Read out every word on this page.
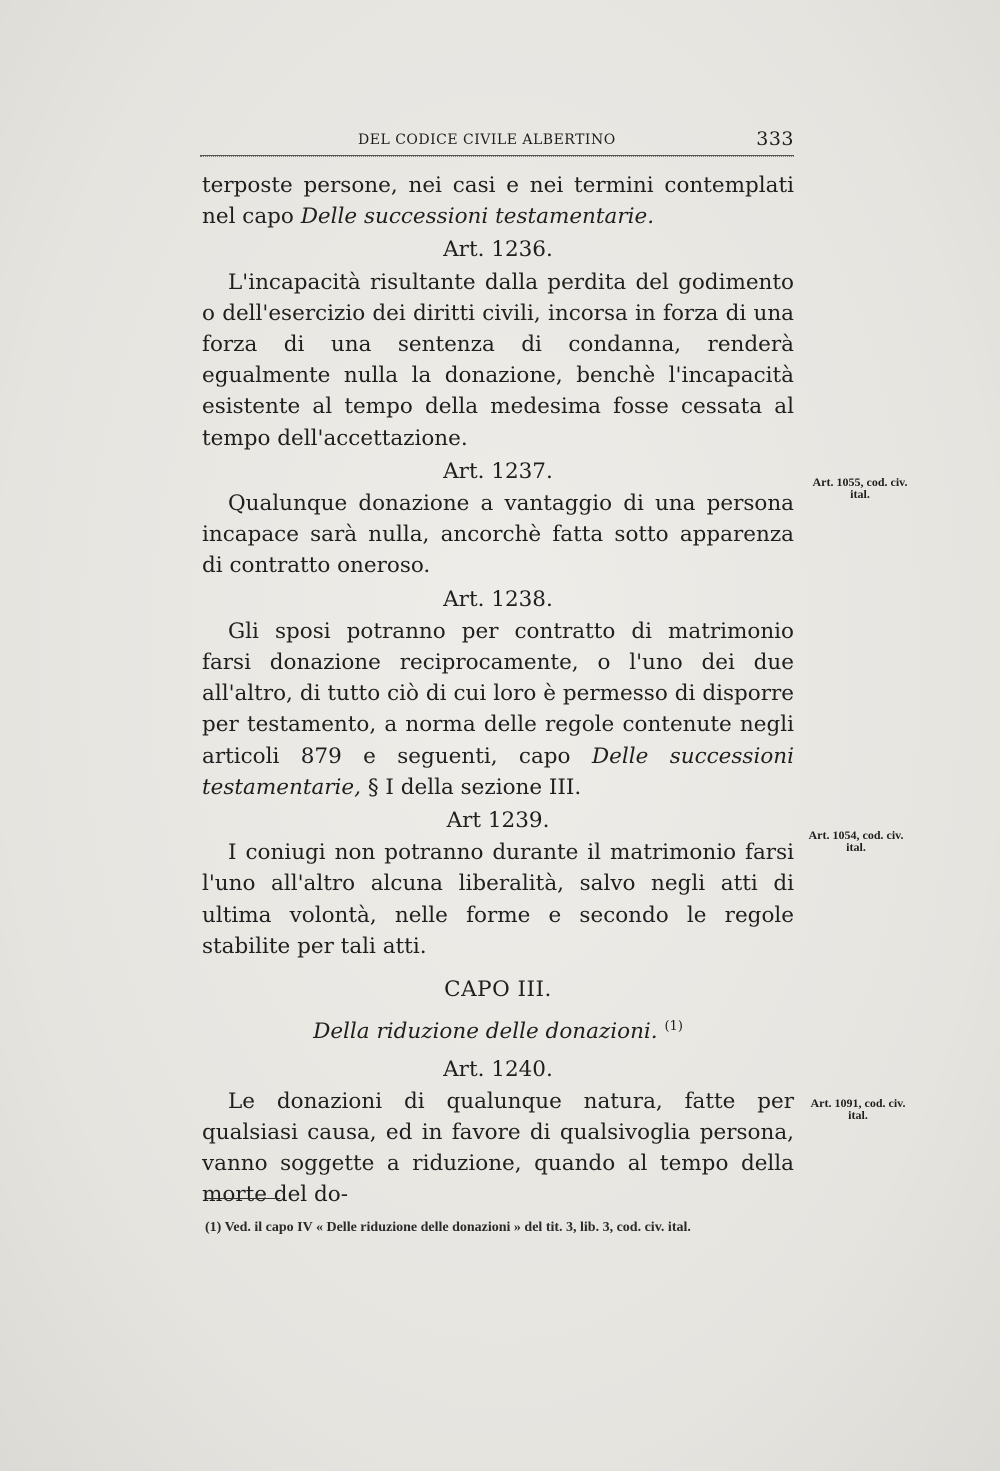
DEL CODICE CIVILE ALBERTINO	333

terposte persone, nei casi e nei termini contemplati nel capo Delle successioni testamentarie.

Art. 1236.

L'incapacità risultante dalla perdita del godimento o dell'esercizio dei diritti civili, incorsa in forza di una forza di una sentenza di condanna, renderà egualmente nulla la donazione, benchè l'incapacità esistente al tempo della medesima fosse cessata al tempo dell'accettazione.

Art. 1237.

Qualunque donazione a vantaggio di una persona incapace sarà nulla, ancorchè fatta sotto apparenza di contratto oneroso.

Art. 1238.

Gli sposi potranno per contratto di matrimonio farsi donazione reciprocamente, o l'uno dei due all'altro, di tutto ciò di cui loro è permesso di disporre per testamento, a norma delle regole contenute negli articoli 879 e seguenti, capo Delle successioni testamentarie, § I della sezione III.

Art 1239.

I coniugi non potranno durante il matrimonio farsi l'uno all'altro alcuna liberalità, salvo negli atti di ultima volontà, nelle forme e secondo le regole stabilite per tali atti.

CAPO III.
Della riduzione delle donazioni. $^{(1)}$
Art. 1240.

Le donazioni di qualunque natura, fatte per qualsiasi causa, ed in favore di qualsivoglia persona, vanno soggette a riduzione, quando al tempo della morte del do-

Art. 1055, cod. civ. ital.
Art. 1054, cod. civ. ital.
Art. 1091, cod. civ. ital.
(1) Ved. il capo IV « Delle riduzione delle donazioni » del tit. 3, lib. 3, cod. civ. ital.
